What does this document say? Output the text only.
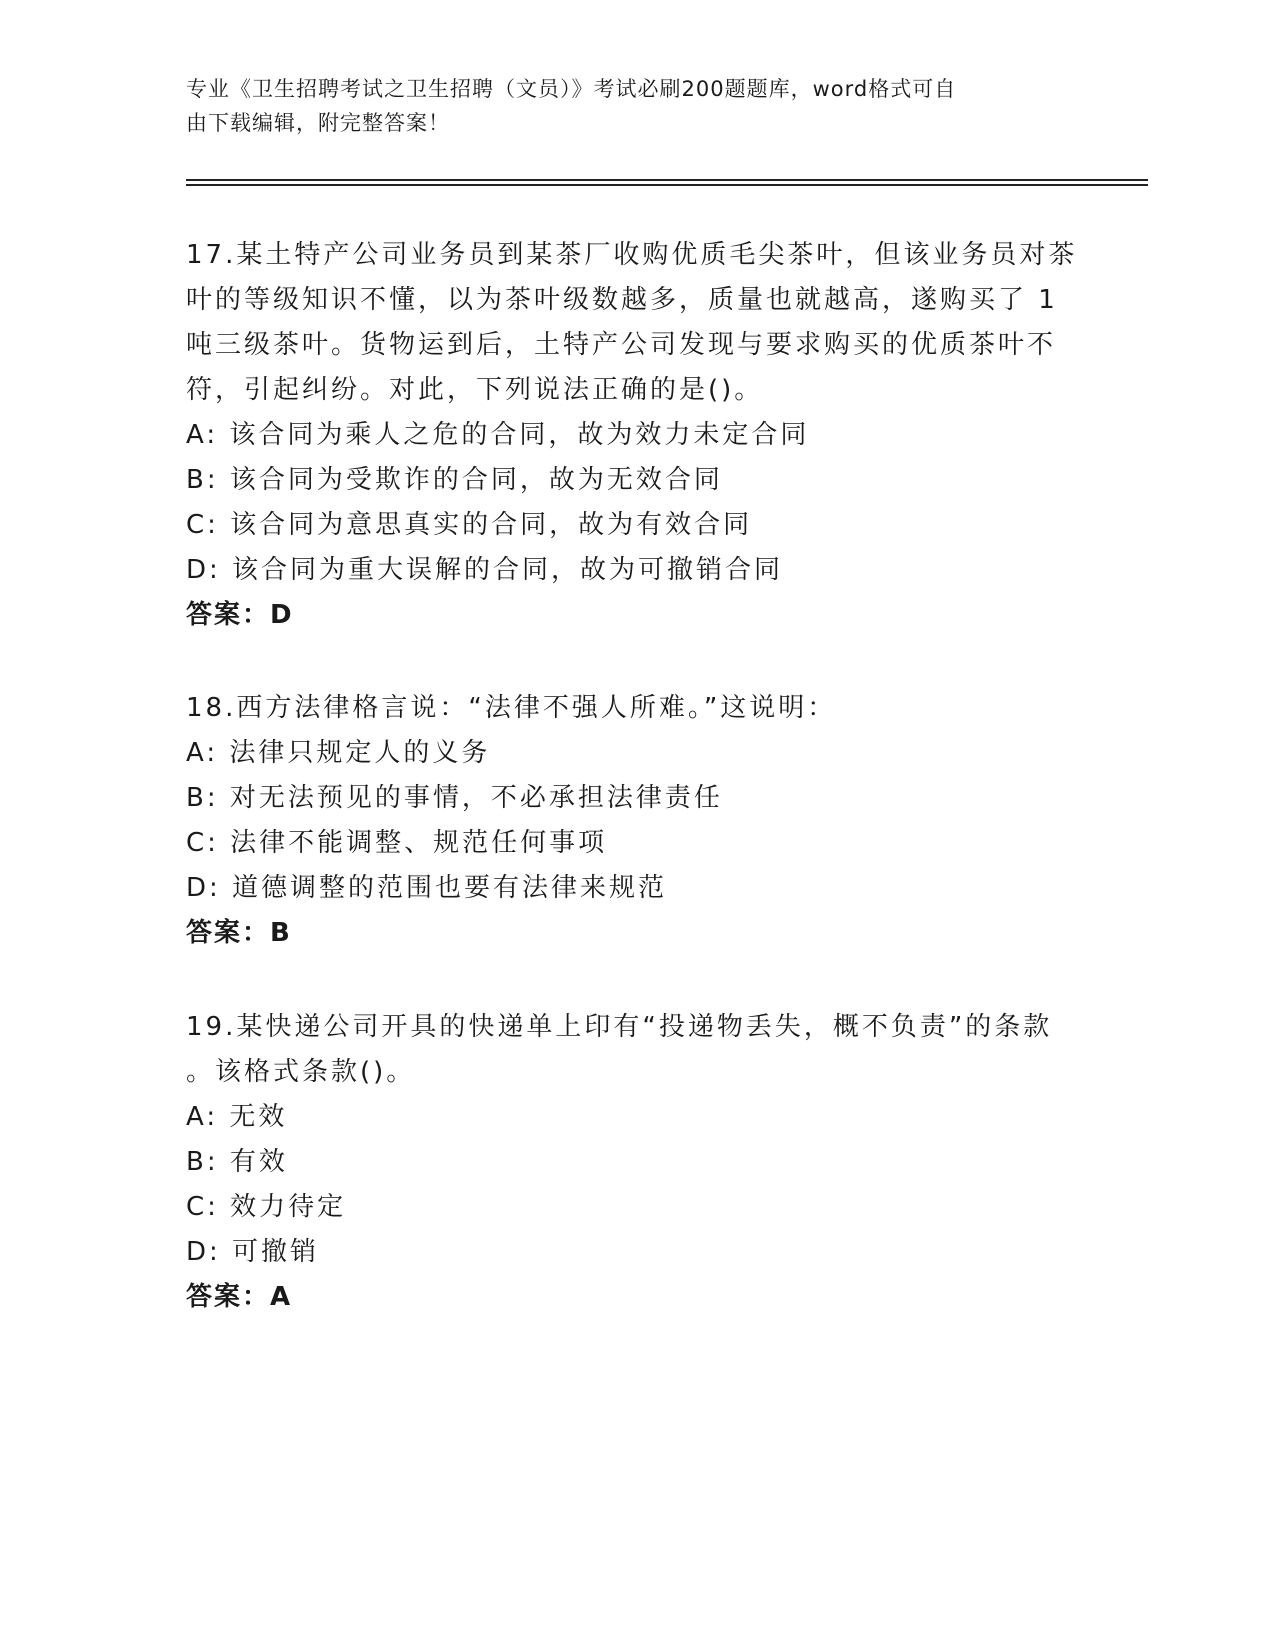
专业《卫生招聘考试之卫生招聘（文员）》考试必刷200题题库，word格式可自
由下载编辑，附完整答案！

17.某土特产公司业务员到某茶厂收购优质毛尖茶叶，但该业务员对茶

叶的等级知识不懂，以为茶叶级数越多，质量也就越高，遂购买了 1

吨三级茶叶。货物运到后，土特产公司发现与要求购买的优质茶叶不

符，引起纠纷。对此，下列说法正确的是()。

A: 该合同为乘人之危的合同，故为效力未定合同

B: 该合同为受欺诈的合同，故为无效合同

C: 该合同为意思真实的合同，故为有效合同

D: 该合同为重大误解的合同，故为可撤销合同

答案：D

18.西方法律格言说：“法律不强人所难。”这说明：

A: 法律只规定人的义务

B: 对无法预见的事情，不必承担法律责任

C: 法律不能调整、规范任何事项

D: 道德调整的范围也要有法律来规范

答案：B

19.某快递公司开具的快递单上印有“投递物丢失，概不负责”的条款

。该格式条款()。

A: 无效

B: 有效

C: 效力待定

D: 可撤销

答案：A
